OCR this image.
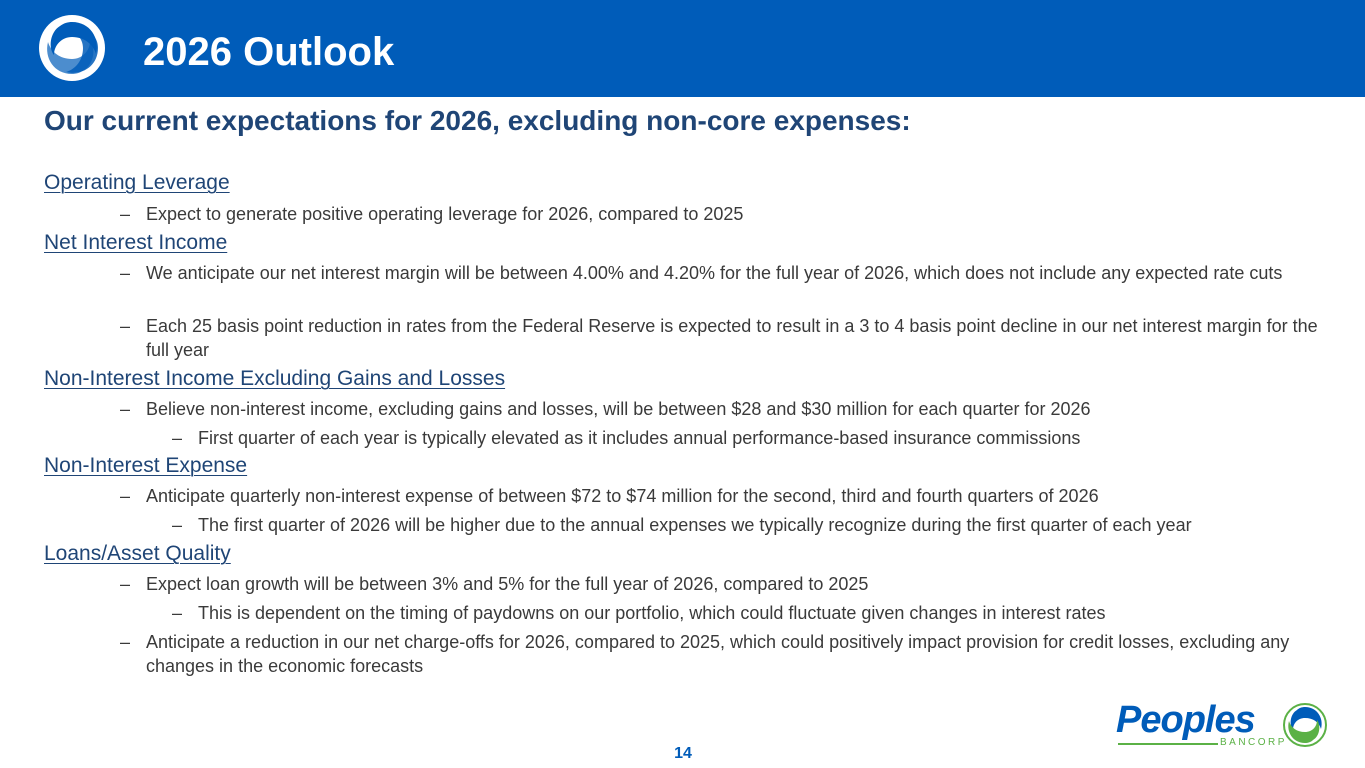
2026 Outlook
Our current expectations for 2026, excluding non-core expenses:
Operating Leverage
– Expect to generate positive operating leverage for 2026, compared to 2025
Net Interest Income
– We anticipate our net interest margin will be between 4.00% and 4.20% for the full year of 2026, which does not include any expected rate cuts
– Each 25 basis point reduction in rates from the Federal Reserve is expected to result in a 3 to 4 basis point decline in our net interest margin for the full year
Non-Interest Income Excluding Gains and Losses
– Believe non-interest income, excluding gains and losses, will be between $28 and $30 million for each quarter for 2026
– First quarter of each year is typically elevated as it includes annual performance-based insurance commissions
Non-Interest Expense
– Anticipate quarterly non-interest expense of between $72 to $74 million for the second, third and fourth quarters of 2026
– The first quarter of 2026 will be higher due to the annual expenses we typically recognize during the first quarter of each year
Loans/Asset Quality
– Expect loan growth will be between 3% and 5% for the full year of 2026, compared to 2025
– This is dependent on the timing of paydowns on our portfolio, which could fluctuate given changes in interest rates
– Anticipate a reduction in our net charge-offs for 2026, compared to 2025, which could positively impact provision for credit losses, excluding any changes in the economic forecasts
Peoples
BANCORP
14
